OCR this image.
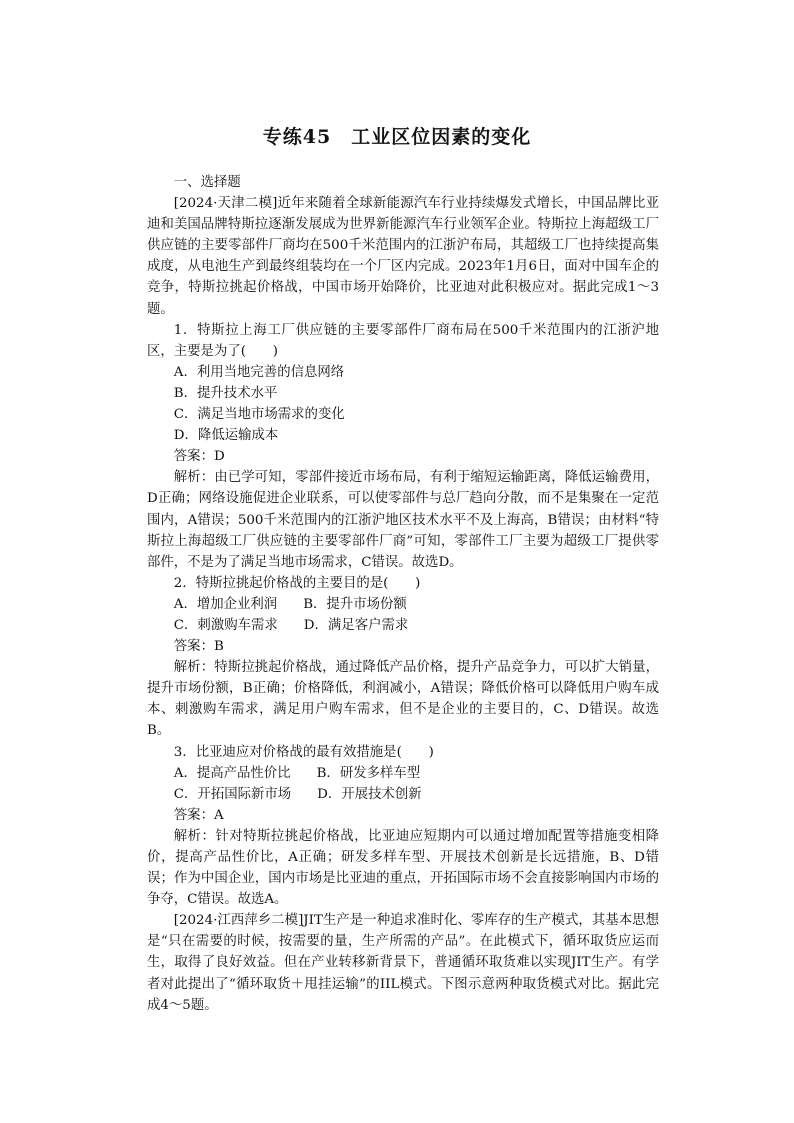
专练45　工业区位因素的变化

一、选择题

[2024·天津二模]近年来随着全球新能源汽车行业持续爆发式增长，中国品牌比亚迪和美国品牌特斯拉逐渐发展成为世界新能源汽车行业领军企业。特斯拉上海超级工厂供应链的主要零部件厂商均在500千米范围内的江浙沪布局，其超级工厂也持续提高集成度，从电池生产到最终组装均在一个厂区内完成。2023年1月6日，面对中国车企的竞争，特斯拉挑起价格战，中国市场开始降价，比亚迪对此积极应对。据此完成1～3题。

1．特斯拉上海工厂供应链的主要零部件厂商布局在500千米范围内的江浙沪地区，主要是为了(　　)

A．利用当地完善的信息网络

B．提升技术水平

C．满足当地市场需求的变化

D．降低运输成本

答案：D

解析：由已学可知，零部件接近市场布局，有利于缩短运输距离，降低运输费用，D正确；网络设施促进企业联系，可以使零部件与总厂趋向分散，而不是集聚在一定范围内，A错误；500千米范围内的江浙沪地区技术水平不及上海高，B错误；由材料“特斯拉上海超级工厂供应链的主要零部件厂商”可知，零部件工厂主要为超级工厂提供零部件，不是为了满足当地市场需求，C错误。故选D。

2．特斯拉挑起价格战的主要目的是(　　)

A．增加企业利润 B．提升市场份额

C．刺激购车需求 D．满足客户需求

答案：B

解析：特斯拉挑起价格战，通过降低产品价格，提升产品竞争力，可以扩大销量，提升市场份额，B正确；价格降低，利润减小，A错误；降低价格可以降低用户购车成本、刺激购车需求，满足用户购车需求，但不是企业的主要目的，C、D错误。故选B。

3．比亚迪应对价格战的最有效措施是(　　)

A．提高产品性价比 B．研发多样车型

C．开拓国际新市场 D．开展技术创新

答案：A

解析：针对特斯拉挑起价格战，比亚迪应短期内可以通过增加配置等措施变相降价，提高产品性价比，A正确；研发多样车型、开展技术创新是长远措施，B、D错误；作为中国企业，国内市场是比亚迪的重点，开拓国际市场不会直接影响国内市场的争夺，C错误。故选A。

[2024·江西萍乡二模]JIT生产是一种追求准时化、零库存的生产模式，其基本思想是“只在需要的时候，按需要的量，生产所需的产品”。在此模式下，循环取货应运而生，取得了良好效益。但在产业转移新背景下，普通循环取货难以实现JIT生产。有学者对此提出了“循环取货＋甩挂运输”的IIL模式。下图示意两种取货模式对比。据此完成4～5题。
